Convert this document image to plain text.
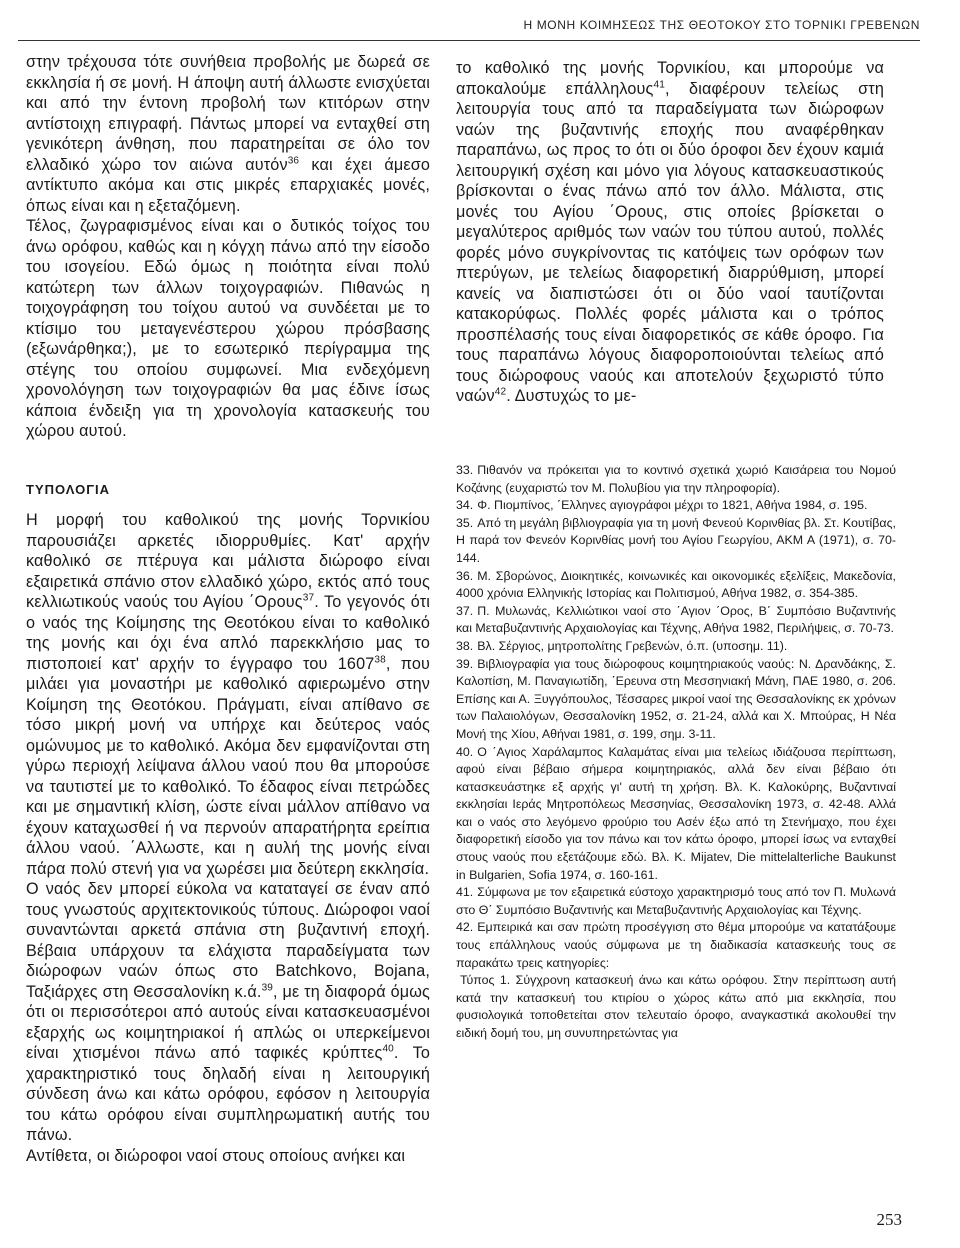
Η ΜΟΝΗ ΚΟΙΜΗΣΕΩΣ ΤΗΣ ΘΕΟΤΟΚΟΥ ΣΤΟ ΤΟΡΝΙΚΙ ΓΡΕΒΕΝΩΝ

στην τρέχουσα τότε συνήθεια προβολής με δωρεά σε εκκλησία ή σε μονή. Η άποψη αυτή άλλωστε ενισχύεται και από την έντονη προβολή των κτιτόρων στην αντίστοιχη επιγραφή. Πάντως μπορεί να ενταχθεί στη γενικότερη άνθηση, που παρατηρείται σε όλο τον ελλαδικό χώρο τον αιώνα αυτόν$^{36}$ και έχει άμεσο αντίκτυπο ακόμα και στις μικρές επαρχιακές μονές, όπως είναι και η εξεταζόμενη.

Τέλος, ζωγραφισμένος είναι και ο δυτικός τοίχος του άνω ορόφου, καθώς και η κόγχη πάνω από την είσοδο του ισογείου. Εδώ όμως η ποιότητα είναι πολύ κατώτερη των άλλων τοιχογραφιών. Πιθανώς η τοιχογράφηση του τοίχου αυτού να συνδέεται με το κτίσιμο του μεταγενέστερου χώρου πρόσβασης (εξωνάρθηκα;), με το εσωτερικό περίγραμμα της στέγης του οποίου συμφωνεί. Μια ενδεχόμενη χρονολόγηση των τοιχογραφιών θα μας έδινε ίσως κάποια ένδειξη για τη χρονολογία κατασκευής του χώρου αυτού.

ΤΥΠΟΛΟΓΙΑ

Η μορφή του καθολικού της μονής Τορνικίου παρουσιάζει αρκετές ιδιορρυθμίες. Κατ' αρχήν καθολικό σε πτέρυγα και μάλιστα διώροφο είναι εξαιρετικά σπάνιο στον ελλαδικό χώρο, εκτός από τους κελλιωτικούς ναούς του Αγίου ΄Ορους$^{37}$. Το γεγονός ότι ο ναός της Κοίμησης της Θεοτόκου είναι το καθολικό της μονής και όχι ένα απλό παρεκκλήσιο μας το πιστοποιεί κατ' αρχήν το έγγραφο του 1607$^{38}$, που μιλάει για μοναστήρι με καθολικό αφιερωμένο στην Κοίμηση της Θεοτόκου. Πράγματι, είναι απίθανο σε τόσο μικρή μονή να υπήρχε και δεύτερος ναός ομώνυμος με το καθολικό. Ακόμα δεν εμφανίζονται στη γύρω περιοχή λείψανα άλλου ναού που θα μπορούσε να ταυτιστεί με το καθολικό. Το έδαφος είναι πετρώδες και με σημαντική κλίση, ώστε είναι μάλλον απίθανο να έχουν καταχωσθεί ή να περνούν απαρατήρητα ερείπια άλλου ναού. ΄Αλλωστε, και η αυλή της μονής είναι πάρα πολύ στενή για να χωρέσει μια δεύτερη εκκλησία.

Ο ναός δεν μπορεί εύκολα να καταταγεί σε έναν από τους γνωστούς αρχιτεκτονικούς τύπους. Διώροφοι ναοί συναντώνται αρκετά σπάνια στη βυζαντινή εποχή. Βέβαια υπάρχουν τα ελάχιστα παραδείγματα των διώροφων ναών όπως στο Batchkovo, Bojana, Ταξιάρχες στη Θεσσαλονίκη κ.ά.$^{39}$, με τη διαφορά όμως ότι οι περισσότεροι από αυτούς είναι κατασκευασμένοι εξαρχής ως κοιμητηριακοί ή απλώς οι υπερκείμενοι είναι χτισμένοι πάνω από ταφικές κρύπτες$^{40}$. Το χαρακτηριστικό τους δηλαδή είναι η λειτουργική σύνδεση άνω και κάτω ορόφου, εφόσον η λειτουργία του κάτω ορόφου είναι συμπληρωματική αυτής του πάνω.

Αντίθετα, οι διώροφοι ναοί στους οποίους ανήκει και

το καθολικό της μονής Τορνικίου, και μπορούμε να αποκαλούμε επάλληλους$^{41}$, διαφέρουν τελείως στη λειτουργία τους από τα παραδείγματα των διώροφων ναών της βυζαντινής εποχής που αναφέρθηκαν παραπάνω, ως προς το ότι οι δύο όροφοι δεν έχουν καμιά λειτουργική σχέση και μόνο για λόγους κατασκευαστικούς βρίσκονται ο ένας πάνω από τον άλλο. Μάλιστα, στις μονές του Αγίου ΄Ορους, στις οποίες βρίσκεται ο μεγαλύτερος αριθμός των ναών του τύπου αυτού, πολλές φορές μόνο συγκρίνοντας τις κατόψεις των ορόφων των πτερύγων, με τελείως διαφορετική διαρρύθμιση, μπορεί κανείς να διαπιστώσει ότι οι δύο ναοί ταυτίζονται κατακορύφως. Πολλές φορές μάλιστα και ο τρόπος προσπέλασής τους είναι διαφορετικός σε κάθε όροφο. Για τους παραπάνω λόγους διαφοροποιούνται τελείως από τους διώροφους ναούς και αποτελούν ξεχωριστό τύπο ναών$^{42}$. Δυστυχώς το με-

33. Πιθανόν να πρόκειται για το κοντινό σχετικά χωριό Καισάρεια του Νομού Κοζάνης (ευχαριστώ τον Μ. Πολυβίου για την πληροφορία).

34. Φ. Πιομπίνος, ΄Ελληνες αγιογράφοι μέχρι το 1821, Αθήνα 1984, σ. 195.

35. Από τη μεγάλη βιβλιογραφία για τη μονή Φενεού Κορινθίας βλ. Στ. Κουτίβας, Η παρά τον Φενεόν Κορινθίας μονή του Αγίου Γεωργίου, ΑΚΜ Α (1971), σ. 70-144.

36. Μ. Σβορώνος, Διοικητικές, κοινωνικές και οικονομικές εξελίξεις, Μακεδονία, 4000 χρόνια Ελληνικής Ιστορίας και Πολιτισμού, Αθήνα 1982, σ. 354-385.

37. Π. Μυλωνάς, Κελλιώτικοι ναοί στο ΄Αγιον ΄Ορος, Β΄ Συμπόσιο Βυζαντινής και Μεταβυζαντινής Αρχαιολογίας και Τέχνης, Αθήνα 1982, Περιλήψεις, σ. 70-73.

38. Βλ. Σέργιος, μητροπολίτης Γρεβενών, ό.π. (υποσημ. 11).

39. Βιβλιογραφία για τους διώροφους κοιμητηριακούς ναούς: Ν. Δρανδάκης, Σ. Καλοπίση, Μ. Παναγιωτίδη, ΄Ερευνα στη Μεσσηνιακή Μάνη, ΠΑΕ 1980, σ. 206. Επίσης και Α. Ξυγγόπουλος, Τέσσαρες μικροί ναοί της Θεσσαλονίκης εκ χρόνων των Παλαιολόγων, Θεσσαλονίκη 1952, σ. 21-24, αλλά και Χ. Μπούρας, Η Νέα Μονή της Χίου, Αθήναι 1981, σ. 199, σημ. 3-11.

40. Ο ΄Αγιος Χαράλαμπος Καλαμάτας είναι μια τελείως ιδιάζουσα περίπτωση, αφού είναι βέβαιο σήμερα κοιμητηριακός, αλλά δεν είναι βέβαιο ότι κατασκευάστηκε εξ αρχής γι' αυτή τη χρήση. Βλ. Κ. Καλοκύρης, Βυζαντιναί εκκλησίαι Ιεράς Μητροπόλεως Μεσσηνίας, Θεσσαλονίκη 1973, σ. 42-48. Αλλά και ο ναός στο λεγόμενο φρούριο του Ασέν έξω από τη Στενήμαχο, που έχει διαφορετική είσοδο για τον πάνω και τον κάτω όροφο, μπορεί ίσως να ενταχθεί στους ναούς που εξετάζουμε εδώ. Βλ. Κ. Mijatev, Die mittelalterliche Baukunst in Bulgarien, Sofia 1974, σ. 160-161.

41. Σύμφωνα με τον εξαιρετικά εύστοχο χαρακτηρισμό τους από τον Π. Μυλωνά στο Θ΄ Συμπόσιο Βυζαντινής και Μεταβυζαντινής Αρχαιολογίας και Τέχνης.

42. Εμπειρικά και σαν πρώτη προσέγγιση στο θέμα μπορούμε να κατατάξουμε τους επάλληλους ναούς σύμφωνα με τη διαδικασία κατασκευής τους σε παρακάτω τρεις κατηγορίες:

Τύπος 1. Σύγχρονη κατασκευή άνω και κάτω ορόφου. Στην περίπτωση αυτή κατά την κατασκευή του κτιρίου ο χώρος κάτω από μια εκκλησία, που φυσιολογικά τοποθετείται στον τελευταίο όροφο, αναγκαστικά ακολουθεί την ειδική δομή του, μη συνυπηρετώντας για

253
